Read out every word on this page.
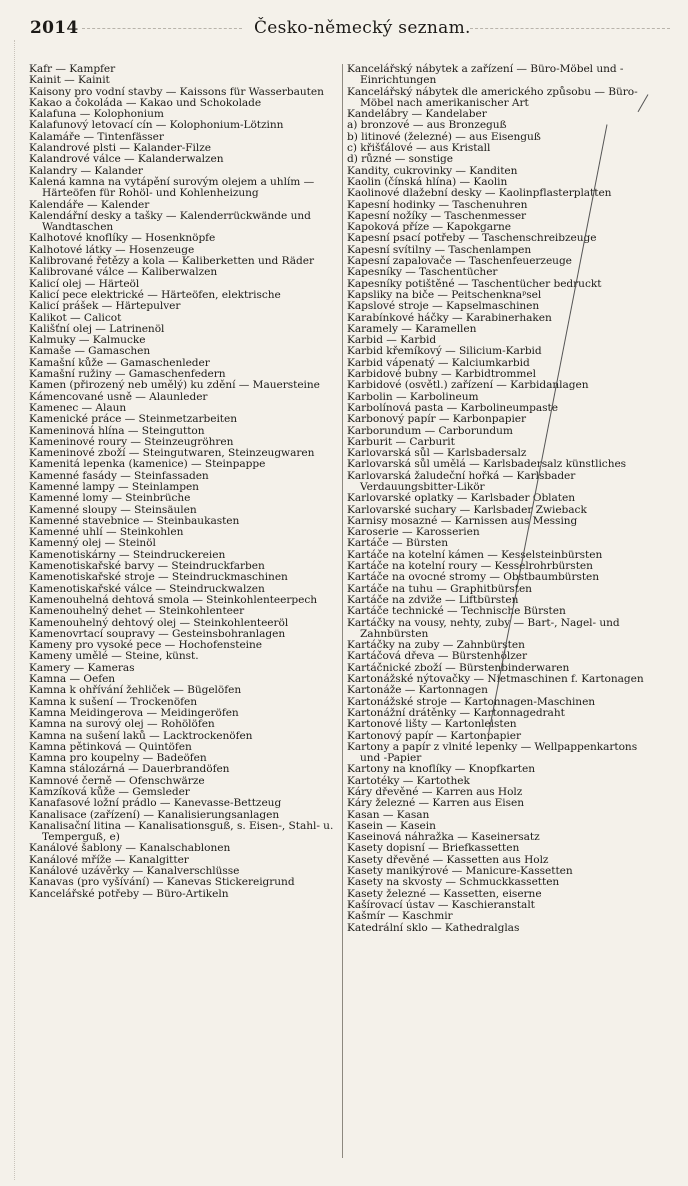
2014	Česko-německý seznam.

Kafr — Kampfer

Kainit — Kainit

Kaisony pro vodní stavby — Kaissons für Wasserbauten

Kakao a čokoláda — Kakao und Schokolade

Kalafuna — Kolophonium

Kalafunový letovací cín — Kolophonium-Lötzinn

Kalamáře — Tintenfässer

Kalandrové plsti — Kalander-Filze

Kalandrové válce — Kalanderwalzen

Kalandry — Kalander

Kalená kamna na vytápění surovým olejem a uhlím — Härteöfen für Rohöl- und Kohlenheizung

Kalendáře — Kalender

Kalendářní desky a tašky — Kalenderrückwände und Wandtaschen

Kalhotové knoflíky — Hosenknöpfe

Kalhotové látky — Hosenzeuge

Kalibrované řetězy a kola — Kaliberketten und Räder

Kalibrované válce — Kaliberwalzen

Kalicí olej — Härteöl

Kalicí pece elektrické — Härteöfen, elektrische

Kalicí prášek — Härtepulver

Kalikot — Calicot

Kališťní olej — Latrinenöl

Kalmuky — Kalmucke

Kamaše — Gamaschen

Kamašní kůže — Gamaschenleder

Kamašní ružiny — Gamaschenfedern

Kamen (přirozený neb umělý) ku zdění — Mauersteine

Kámencované usně — Alaunleder

Kamenec — Alaun

Kamenické práce — Steinmetzarbeiten

Kameninová hlína — Steingutton

Kameninové roury — Steinzeugröhren

Kameninové zboží — Steingutwaren, Steinzeugwaren

Kamenitá lepenka (kamenice) — Steinpappe

Kamenné fasády — Steinfassaden

Kamenné lampy — Steinlampen

Kamenné lomy — Steinbrüche

Kamenné sloupy — Steinsäulen

Kamenné stavebnice — Steinbaukasten

Kamenné uhlí — Steinkohlen

Kamenný olej — Steinöl

Kamenotiskárny — Steindruckereien

Kamenotiskařské barvy — Steindruckfarben

Kamenotiskařské stroje — Steindruckmaschinen

Kamenotiskařské válce — Steindruckwalzen

Kamenouhelná dehtová smola — Steinkohlenteerpech

Kamenouhelný dehet — Steinkohlenteer

Kamenouhelný dehtový olej — Steinkohlenteeröl

Kamenovrtací soupravy — Gesteinsbohranlagen

Kameny pro vysoké pece — Hochofensteine

Kameny umělé — Steine, künst.

Kamery — Kameras

Kamna — Oefen

Kamna k ohřívání žehliček — Bügelöfen

Kamna k sušení — Trockenöfen

Kamna Meidingerova — Meidingeröfen

Kamna na surový olej — Rohölöfen

Kamna na sušení laků — Lacktrockenöfen

Kamna pětinková — Quintöfen

Kamna pro koupelny — Badeöfen

Kamna stálozárná — Dauerbrandöfen

Kamnové černě — Ofenschwärze

Kamzíková kůže — Gemsleder

Kanafasové ložní prádlo — Kanevasse-Bettzeug

Kanalisace (zařízení) — Kanalisierungsanlagen

Kanalisační litina — Kanalisationsguß, s. Eisen-, Stahl- u. Temperguß, e)

Kanálové šablony — Kanalschablonen

Kanálové mříže — Kanalgitter

Kanálové uzávěrky — Kanalverschlüsse

Kanavas (pro vyšívání) — Kanevas Stickereigrund

Kancelářské potřeby — Büro-Artikeln

Kancelářský nábytek a zařízení — Büro-Möbel und -Einrichtungen

Kancelářský nábytek dle amerického způsobu — Büro-Möbel nach amerikanischer Art

Kandelábry — Kandelaber

a) bronzové — aus Bronzeguß

b) litinové (železné) — aus Eisenguß

c) křišťálové — aus Kristall

d) různé — sonstige

Kandity, cukrovinky — Kanditen

Kaolin (čínská hlína) — Kaolin

Kaolinové dlažební desky — Kaolinpflasterplatten

Kapesní hodinky — Taschenuhren

Kapesní nožíky — Taschenmesser

Kapoková příze — Kapokgarne

Kapesní psací potřeby — Taschenschreibzeuge

Kapesní svítilny — Taschenlampen

Kapesní zapalovače — Taschenfeuerzeuge

Kapesníky — Taschentücher

Kapesníky potištěné — Taschentücher bedruckt

Kapsliky na biče — Peitschenknaᵖsel

Kapslové stroje — Kapselmaschinen

Karabínkové háčky — Karabinerhaken

Karamely — Karamellen

Karbid — Karbid

Karbid křemíkový — Silicium-Karbid

Karbid vápenatý — Kalciumkarbid

Karbidové bubny — Karbidtrommel

Karbidové (osvětl.) zařízení — Karbidanlagen

Karbolin — Karbolineum

Karbolínová pasta — Karbolineumpaste

Karbonový papír — Karbonpapier

Karborundum — Carborundum

Karburit — Carburit

Karlovarská sůl — Karlsbadersalz

Karlovarská sůl umělá — Karlsbadersalz künstliches

Karlovarská žaludeční hořká — Karlsbader Verdauungsbitter-Likör

Karlovarské oplatky — Karlsbader Oblaten

Karlovarské suchary — Karlsbader Zwieback

Karnisy mosazné — Karnissen aus Messing

Karoserie — Karosserien

Kartáče — Bürsten

Kartáče na kotelní kámen — Kesselsteinbürsten

Kartáče na kotelní roury — Kesselrohrbürsten

Kartáče na ovocné stromy — Obstbaumbürsten

Kartáče na tuhu — Graphitbürsten

Kartáče na zdviže — Liftbürsten

Kartáče technické — Technische Bürsten

Kartáčky na vousy, nehty, zuby — Bart-, Nagel- und Zahnbürsten

Kartáčky na zuby — Zahnbürsten

Kartáčová dřeva — Bürstenhölzer

Kartáčnické zboží — Bürstenbinderwaren

Kartonážské nýtovačky — Nietmaschinen f. Kartonagen

Kartonáže — Kartonnagen

Kartonážské stroje — Kartonnagen-Maschinen

Kartonážní drátěnky — Kartonnagedraht

Kartonové lišty — Kartonleisten

Kartonový papír — Kartonpapier

Kartony a papír z vlnité lepenky — Wellpappenkartons und -Papier

Kartony na knoflíky — Knopfkarten

Kartotéky — Kartothek

Káry dřevěné — Karren aus Holz

Káry železné — Karren aus Eisen

Kasan — Kasan

Kasein — Kasein

Kaseinová náhražka — Kaseinersatz

Kasety dopisní — Briefkassetten

Kasety dřevěné — Kassetten aus Holz

Kasety manikýrové — Manicure-Kassetten

Kasety na skvosty — Schmuckkassetten

Kasety železné — Kassetten, eiserne

Kašírovací ústav — Kaschieranstalt

Kašmír — Kaschmir

Katedrální sklo — Kathedralglas
